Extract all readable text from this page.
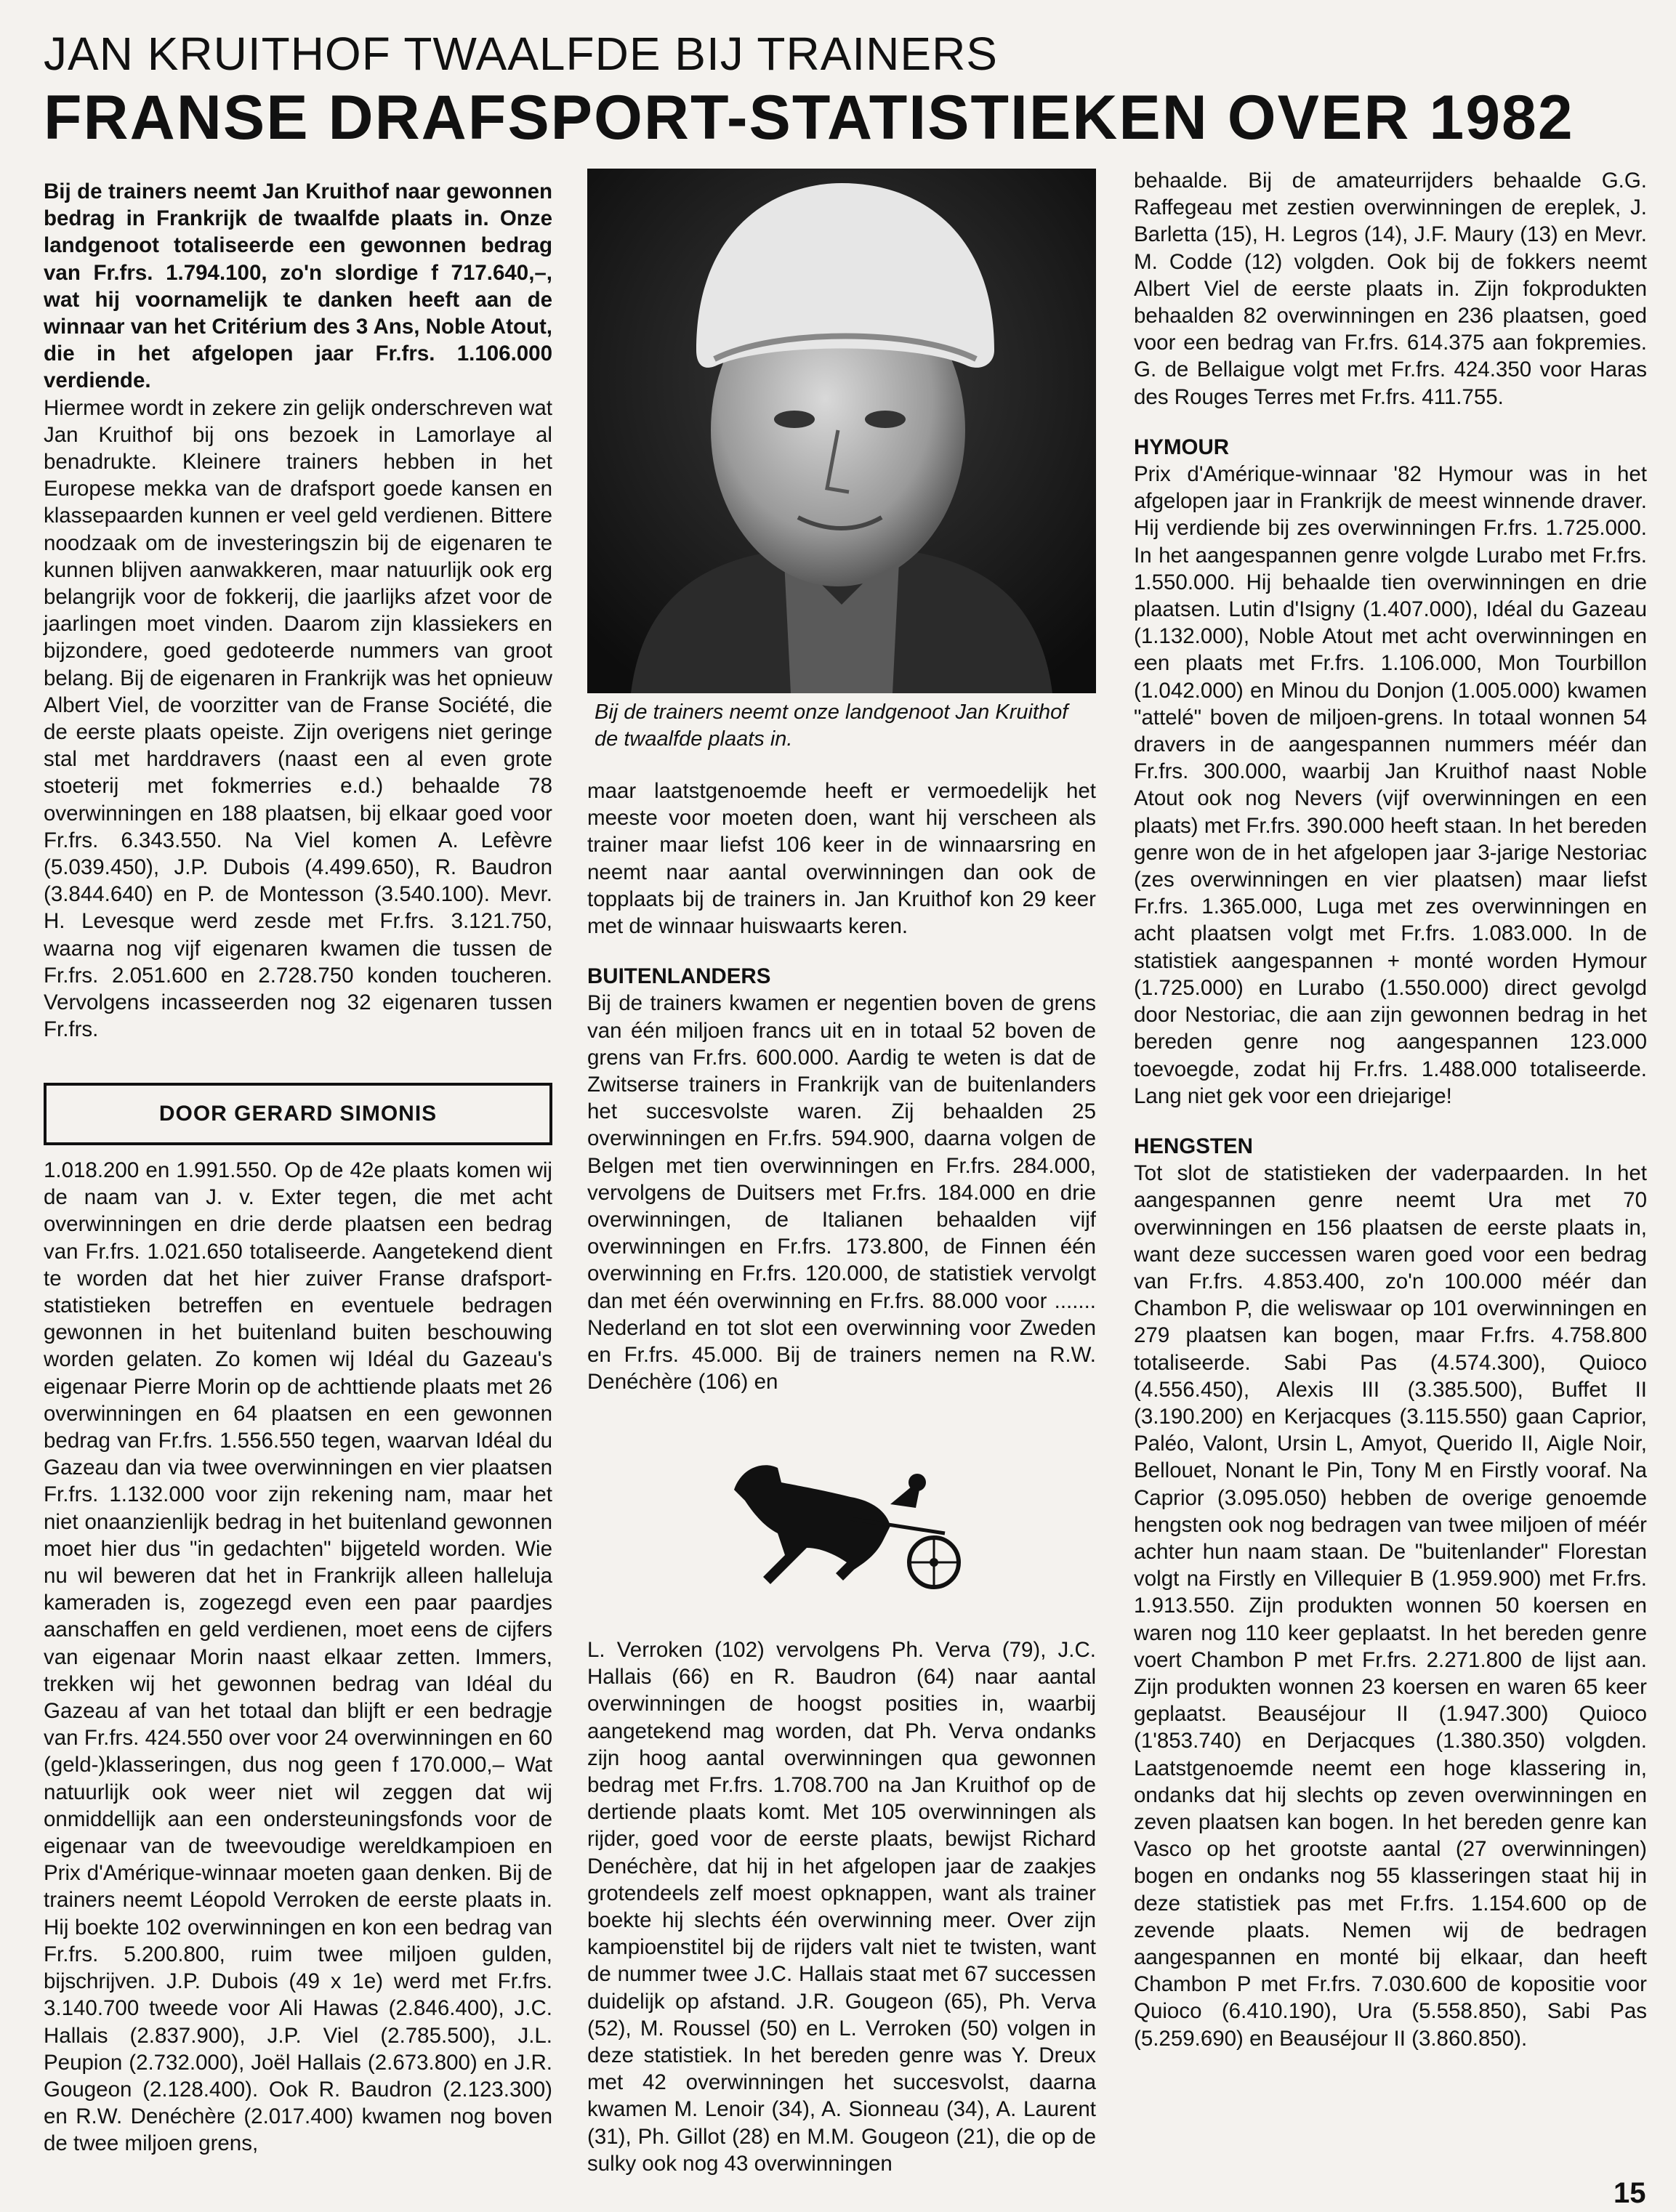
JAN KRUITHOF TWAALFDE BIJ TRAINERS
FRANSE DRAFSPORT-STATISTIEKEN OVER 1982

Bij de trainers neemt Jan Kruithof naar gewonnen bedrag in Frankrijk de twaalfde plaats in. Onze landgenoot totaliseerde een gewonnen bedrag van Fr.frs. 1.794.100, zo'n slordige f 717.640,–, wat hij voornamelijk te danken heeft aan de winnaar van het Critérium des 3 Ans, Noble Atout, die in het afgelopen jaar Fr.frs. 1.106.000 verdiende.

Hiermee wordt in zekere zin gelijk onderschreven wat Jan Kruithof bij ons bezoek in Lamorlaye al benadrukte. Kleinere trainers hebben in het Europese mekka van de drafsport goede kansen en klassepaarden kunnen er veel geld verdienen. Bittere noodzaak om de investeringszin bij de eigenaren te kunnen blijven aanwakkeren, maar natuurlijk ook erg belangrijk voor de fokkerij, die jaarlijks afzet voor de jaarlingen moet vinden. Daarom zijn klassiekers en bijzondere, goed gedoteerde nummers van groot belang. Bij de eigenaren in Frankrijk was het opnieuw Albert Viel, de voorzitter van de Franse Société, die de eerste plaats opeiste. Zijn overigens niet geringe stal met harddravers (naast een al even grote stoeterij met fokmerries e.d.) behaalde 78 overwinningen en 188 plaatsen, bij elkaar goed voor Fr.frs. 6.343.550. Na Viel komen A. Lefèvre (5.039.450), J.P. Dubois (4.499.650), R. Baudron (3.844.640) en P. de Montesson (3.540.100). Mevr. H. Levesque werd zesde met Fr.frs. 3.121.750, waarna nog vijf eigenaren kwamen die tussen de Fr.frs. 2.051.600 en 2.728.750 konden toucheren. Vervolgens incasseerden nog 32 eigenaren tussen Fr.frs.

DOOR GERARD SIMONIS

1.018.200 en 1.991.550. Op de 42e plaats komen wij de naam van J. v. Exter tegen, die met acht overwinningen en drie derde plaatsen een bedrag van Fr.frs. 1.021.650 totaliseerde. Aangetekend dient te worden dat het hier zuiver Franse drafsport-statistieken betreffen en eventuele bedragen gewonnen in het buitenland buiten beschouwing worden gelaten. Zo komen wij Idéal du Gazeau's eigenaar Pierre Morin op de achttiende plaats met 26 overwinningen en 64 plaatsen en een gewonnen bedrag van Fr.frs. 1.556.550 tegen, waarvan Idéal du Gazeau dan via twee overwinningen en vier plaatsen Fr.frs. 1.132.000 voor zijn rekening nam, maar het niet onaanzienlijk bedrag in het buitenland gewonnen moet hier dus "in gedachten" bijgeteld worden. Wie nu wil beweren dat het in Frankrijk alleen halleluja kameraden is, zogezegd even een paar paardjes aanschaffen en geld verdienen, moet eens de cijfers van eigenaar Morin naast elkaar zetten. Immers, trekken wij het gewonnen bedrag van Idéal du Gazeau af van het totaal dan blijft er een bedragje van Fr.frs. 424.550 over voor 24 overwinningen en 60 (geld-)klasseringen, dus nog geen f 170.000,– Wat natuurlijk ook weer niet wil zeggen dat wij onmiddellijk aan een ondersteuningsfonds voor de eigenaar van de tweevoudige wereldkampioen en Prix d'Amérique-winnaar moeten gaan denken. Bij de trainers neemt Léopold Verroken de eerste plaats in. Hij boekte 102 overwinningen en kon een bedrag van Fr.frs. 5.200.800, ruim twee miljoen gulden, bijschrijven. J.P. Dubois (49 x 1e) werd met Fr.frs. 3.140.700 tweede voor Ali Hawas (2.846.400), J.C. Hallais (2.837.900), J.P. Viel (2.785.500), J.L. Peupion (2.732.000), Joël Hallais (2.673.800) en J.R. Gougeon (2.128.400). Ook R. Baudron (2.123.300) en R.W. Denéchère (2.017.400) kwamen nog boven de twee miljoen grens,

Bij de trainers neemt onze landgenoot Jan Kruithof de twaalfde plaats in.

maar laatstgenoemde heeft er vermoedelijk het meeste voor moeten doen, want hij verscheen als trainer maar liefst 106 keer in de winnaarsring en neemt naar aantal overwinningen dan ook de topplaats bij de trainers in. Jan Kruithof kon 29 keer met de winnaar huiswaarts keren.

BUITENLANDERS

Bij de trainers kwamen er negentien boven de grens van één miljoen francs uit en in totaal 52 boven de grens van Fr.frs. 600.000. Aardig te weten is dat de Zwitserse trainers in Frankrijk van de buitenlanders het succesvolste waren. Zij behaalden 25 overwinningen en Fr.frs. 594.900, daarna volgen de Belgen met tien overwinningen en Fr.frs. 284.000, vervolgens de Duitsers met Fr.frs. 184.000 en drie overwinningen, de Italianen behaalden vijf overwinningen en Fr.frs. 173.800, de Finnen één overwinning en Fr.frs. 120.000, de statistiek vervolgt dan met één overwinning en Fr.frs. 88.000 voor ....... Nederland en tot slot een overwinning voor Zweden en Fr.frs. 45.000. Bij de trainers nemen na R.W. Denéchère (106) en

L. Verroken (102) vervolgens Ph. Verva (79), J.C. Hallais (66) en R. Baudron (64) naar aantal overwinningen de hoogst posities in, waarbij aangetekend mag worden, dat Ph. Verva ondanks zijn hoog aantal overwinningen qua gewonnen bedrag met Fr.frs. 1.708.700 na Jan Kruithof op de dertiende plaats komt. Met 105 overwinningen als rijder, goed voor de eerste plaats, bewijst Richard Denéchère, dat hij in het afgelopen jaar de zaakjes grotendeels zelf moest opknappen, want als trainer boekte hij slechts één overwinning meer. Over zijn kampioenstitel bij de rijders valt niet te twisten, want de nummer twee J.C. Hallais staat met 67 successen duidelijk op afstand. J.R. Gougeon (65), Ph. Verva (52), M. Roussel (50) en L. Verroken (50) volgen in deze statistiek. In het bereden genre was Y. Dreux met 42 overwinningen het succesvolst, daarna kwamen M. Lenoir (34), A. Sionneau (34), A. Laurent (31), Ph. Gillot (28) en M.M. Gougeon (21), die op de sulky ook nog 43 overwinningen

behaalde. Bij de amateurrijders behaalde G.G. Raffegeau met zestien overwinningen de ereplek, J. Barletta (15), H. Legros (14), J.F. Maury (13) en Mevr. M. Codde (12) volgden. Ook bij de fokkers neemt Albert Viel de eerste plaats in. Zijn fokprodukten behaalden 82 overwinningen en 236 plaatsen, goed voor een bedrag van Fr.frs. 614.375 aan fokpremies. G. de Bellaigue volgt met Fr.frs. 424.350 voor Haras des Rouges Terres met Fr.frs. 411.755.

HYMOUR

Prix d'Amérique-winnaar '82 Hymour was in het afgelopen jaar in Frankrijk de meest winnende draver. Hij verdiende bij zes overwinningen Fr.frs. 1.725.000. In het aangespannen genre volgde Lurabo met Fr.frs. 1.550.000. Hij behaalde tien overwinningen en drie plaatsen. Lutin d'Isigny (1.407.000), Idéal du Gazeau (1.132.000), Noble Atout met acht overwinningen en een plaats met Fr.frs. 1.106.000, Mon Tourbillon (1.042.000) en Minou du Donjon (1.005.000) kwamen "attelé" boven de miljoen-grens. In totaal wonnen 54 dravers in de aangespannen nummers méér dan Fr.frs. 300.000, waarbij Jan Kruithof naast Noble Atout ook nog Nevers (vijf overwinningen en een plaats) met Fr.frs. 390.000 heeft staan. In het bereden genre won de in het afgelopen jaar 3-jarige Nestoriac (zes overwinningen en vier plaatsen) maar liefst Fr.frs. 1.365.000, Luga met zes overwinningen en acht plaatsen volgt met Fr.frs. 1.083.000. In de statistiek aangespannen + monté worden Hymour (1.725.000) en Lurabo (1.550.000) direct gevolgd door Nestoriac, die aan zijn gewonnen bedrag in het bereden genre nog aangespannen 123.000 toevoegde, zodat hij Fr.frs. 1.488.000 totaliseerde. Lang niet gek voor een driejarige!

HENGSTEN

Tot slot de statistieken der vaderpaarden. In het aangespannen genre neemt Ura met 70 overwinningen en 156 plaatsen de eerste plaats in, want deze successen waren goed voor een bedrag van Fr.frs. 4.853.400, zo'n 100.000 méér dan Chambon P, die weliswaar op 101 overwinningen en 279 plaatsen kan bogen, maar Fr.frs. 4.758.800 totaliseerde. Sabi Pas (4.574.300), Quioco (4.556.450), Alexis III (3.385.500), Buffet II (3.190.200) en Kerjacques (3.115.550) gaan Caprior, Paléo, Valont, Ursin L, Amyot, Querido II, Aigle Noir, Bellouet, Nonant le Pin, Tony M en Firstly vooraf. Na Caprior (3.095.050) hebben de overige genoemde hengsten ook nog bedragen van twee miljoen of méér achter hun naam staan. De "buitenlander" Florestan volgt na Firstly en Villequier B (1.959.900) met Fr.frs. 1.913.550. Zijn produkten wonnen 50 koersen en waren nog 110 keer geplaatst. In het bereden genre voert Chambon P met Fr.frs. 2.271.800 de lijst aan. Zijn produkten wonnen 23 koersen en waren 65 keer geplaatst. Beauséjour II (1.947.300) Quioco (1'853.740) en Derjacques (1.380.350) volgden. Laatstgenoemde neemt een hoge klassering in, ondanks dat hij slechts op zeven overwinningen en zeven plaatsen kan bogen. In het bereden genre kan Vasco op het grootste aantal (27 overwinningen) bogen en ondanks nog 55 klasseringen staat hij in deze statistiek pas met Fr.frs. 1.154.600 op de zevende plaats. Nemen wij de bedragen aangespannen en monté bij elkaar, dan heeft Chambon P met Fr.frs. 7.030.600 de kopositie voor Quioco (6.410.190), Ura (5.558.850), Sabi Pas (5.259.690) en Beauséjour II (3.860.850).

15
